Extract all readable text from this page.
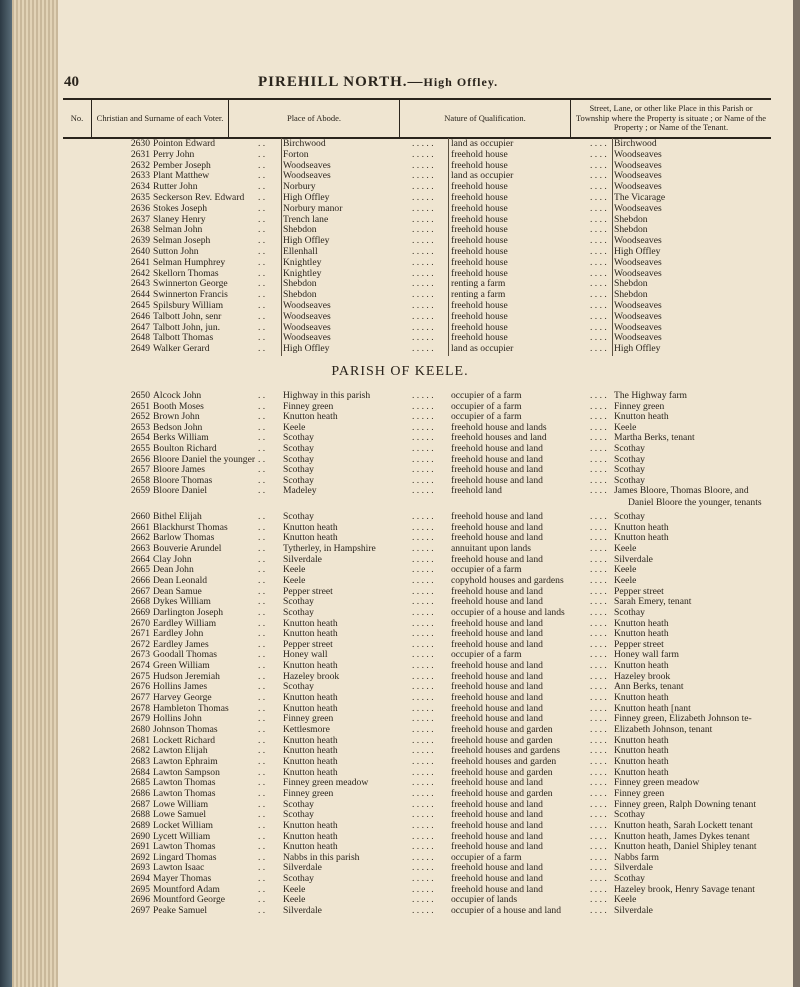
40	PIREHILL NORTH.—High Offley.
No.	Christian and Surname of each Voter.	Place of Abode.	Nature of Qualification.	Street, Lane, or other like Place in this Parish or Township where the Property is situate ; or Name of the Property ; or Name of the Tenant.
PARISH OF KEELE.
2630 Pointon Edward	Birchwood	land as occupier	Birchwood
. .	. . . . .	. . . .
2631 Perry John	Forton	freehold house	Woodseaves
. .	. . . . .	. . . .
2632 Pember Joseph	Woodseaves	freehold house	Woodseaves
. .	. . . . .	. . . .
2633 Plant Matthew	Woodseaves	land as occupier	Woodseaves
. .	. . . . .	. . . .
2634 Rutter John	Norbury	freehold house	Woodseaves
. .	. . . . .	. . . .
2635 Seckerson Rev. Edward	High Offley	freehold house	The Vicarage
. .	. . . . .	. . . .
2636 Stokes Joseph	Norbury manor	freehold house	Woodseaves
. .	. . . . .	. . . .
2637 Slaney Henry	Trench lane	freehold house	Shebdon
. .	. . . . .	. . . .
2638 Selman John	Shebdon	freehold house	Shebdon
. .	. . . . .	. . . .
2639 Selman Joseph	High Offley	freehold house	Woodseaves
. .	. . . . .	. . . .
2640 Sutton John	Ellenhall	freehold house	High Offley
. .	. . . . .	. . . .
2641 Selman Humphrey	Knightley	freehold house	Woodseaves
. .	. . . . .	. . . .
2642 Skellorn Thomas	Knightley	freehold house	Woodseaves
. .	. . . . .	. . . .
2643 Swinnerton George	Shebdon	renting a farm	Shebdon
. .	. . . . .	. . . .
2644 Swinnerton Francis	Shebdon	renting a farm	Shebdon
. .	. . . . .	. . . .
2645 Spilsbury William	Woodseaves	freehold house	Woodseaves
. .	. . . . .	. . . .
2646 Talbott John, senr	Woodseaves	freehold house	Woodseaves
. .	. . . . .	. . . .
2647 Talbott John, jun.	Woodseaves	freehold house	Woodseaves
. .	. . . . .	. . . .
2648 Talbott Thomas	Woodseaves	freehold house	Woodseaves
. .	. . . . .	. . . .
2649 Walker Gerard	High Offley	land as occupier	High Offley
. .	. . . . .	. . . .
2650 Alcock John	Highway in this parish	occupier of a farm	The Highway farm
. .	. . . . .	. . . .
2651 Booth Moses	Finney green	occupier of a farm	Finney green
. .	. . . . .	. . . .
2652 Brown John	Knutton heath	occupier of a farm	Knutton heath
. .	. . . . .	. . . .
2653 Bedson John	Keele	freehold house and lands	Keele
. .	. . . . .	. . . .
2654 Berks William	Scothay	freehold houses and land	Martha Berks, tenant
. .	. . . . .	. . . .
2655 Boulton Richard	Scothay	freehold house and land	Scothay
. .	. . . . .	. . . .
2656 Bloore Daniel the younger	Scothay	freehold house and land	Scothay
. .	. . . . .	. . . .
2657 Bloore James	Scothay	freehold house and land	Scothay
. .	. . . . .	. . . .
2658 Bloore Thomas	Scothay	freehold house and land	Scothay
. .	. . . . .	. . . .
2659 Bloore Daniel	Madeley	freehold land	James Bloore, Thomas Bloore, and
. .	. . . . .	. . . .
Daniel Bloore the younger, tenants
2660 Bithel Elijah	Scothay	freehold house and land	Scothay
. .	. . . . .	. . . .
2661 Blackhurst Thomas	Knutton heath	freehold house and land	Knutton heath
. .	. . . . .	. . . .
2662 Barlow Thomas	Knutton heath	freehold house and land	Knutton heath
. .	. . . . .	. . . .
2663 Bouverie Arundel	Tytherley, in Hampshire	annuitant upon lands	Keele
. .	. . . . .	. . . .
2664 Clay John	Silverdale	freehold house and land	Silverdale
. .	. . . . .	. . . .
2665 Dean John	Keele	occupier of a farm	Keele
. .	. . . . .	. . . .
2666 Dean Leonald	Keele	copyhold houses and gardens	Keele
. .	. . . . .	. . . .
2667 Dean Samue	Pepper street	freehold house and land	Pepper street
. .	. . . . .	. . . .
2668 Dykes William	Scothay	freehold house and land	Sarah Emery, tenant
. .	. . . . .	. . . .
2669 Darlington Joseph	Scothay	occupier of a house and lands	Scothay
. .	. . . . .	. . . .
2670 Eardley William	Knutton heath	freehold house and land	Knutton heath
. .	. . . . .	. . . .
2671 Eardley John	Knutton heath	freehold house and land	Knutton heath
. .	. . . . .	. . . .
2672 Eardley James	Pepper street	freehold house and land	Pepper street
. .	. . . . .	. . . .
2673 Goodall Thomas	Honey wall	occupier of a farm	Honey wall farm
. .	. . . . .	. . . .
2674 Green William	Knutton heath	freehold house and land	Knutton heath
. .	. . . . .	. . . .
2675 Hudson Jeremiah	Hazeley brook	freehold house and land	Hazeley brook
. .	. . . . .	. . . .
2676 Hollins James	Scothay	freehold house and land	Ann Berks, tenant
. .	. . . . .	. . . .
2677 Harvey George	Knutton heath	freehold house and land	Knutton heath
. .	. . . . .	. . . .
2678 Hambleton Thomas	Knutton heath	freehold house and land	Knutton heath [nant
. .	. . . . .	. . . .
2679 Hollins John	Finney green	freehold house and land	Finney green, Elizabeth Johnson te-
. .	. . . . .	. . . .
2680 Johnson Thomas	Kettlesmore	freehold house and garden	Elizabeth Johnson, tenant
. .	. . . . .	. . . .
2681 Lockett Richard	Knutton heath	freehold house and garden	Knutton heath
. .	. . . . .	. . . .
2682 Lawton Elijah	Knutton heath	freehold houses and gardens	Knutton heath
. .	. . . . .	. . . .
2683 Lawton Ephraim	Knutton heath	freehold houses and garden	Knutton heath
. .	. . . . .	. . . .
2684 Lawton Sampson	Knutton heath	freehold house and garden	Knutton heath
. .	. . . . .	. . . .
2685 Lawton Thomas	Finney green meadow	freehold house and land	Finney green meadow
. .	. . . . .	. . . .
2686 Lawton Thomas	Finney green	freehold house and garden	Finney green
. .	. . . . .	. . . .
2687 Lowe William	Scothay	freehold house and land	Finney green, Ralph Downing tenant
. .	. . . . .	. . . .
2688 Lowe Samuel	Scothay	freehold house and land	Scothay
. .	. . . . .	. . . .
2689 Locket William	Knutton heath	freehold house and land	Knutton heath, Sarah Lockett tenant
. .	. . . . .	. . . .
2690 Lycett William	Knutton heath	freehold house and land	Knutton heath, James Dykes tenant
. .	. . . . .	. . . .
2691 Lawton Thomas	Knutton heath	freehold house and land	Knutton heath, Daniel Shipley tenant
. .	. . . . .	. . . .
2692 Lingard Thomas	Nabbs in this parish	occupier of a farm	Nabbs farm
. .	. . . . .	. . . .
2693 Lawton Isaac	Silverdale	freehold house and land	Silverdale
. .	. . . . .	. . . .
2694 Mayer Thomas	Scothay	freehold house and land	Scothay
. .	. . . . .	. . . .
2695 Mountford Adam	Keele	freehold house and land	Hazeley brook, Henry Savage tenant
. .	. . . . .	. . . .
2696 Mountford George	Keele	occupier of lands	Keele
. .	. . . . .	. . . .
2697 Peake Samuel	Silverdale	occupier of a house and land	Silverdale
. .	. . . . .	. . . .
